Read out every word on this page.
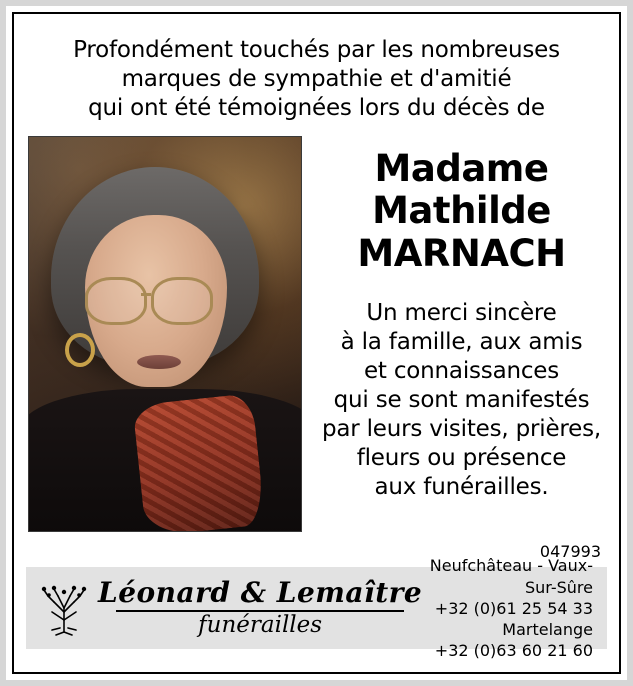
Profondément touchés par les nombreuses
marques de sympathie et d'amitié
qui ont été témoignées lors du décès de
Madame
Mathilde
MARNACH
Un merci sincère
à la famille, aux amis
et connaissances
qui se sont manifestés
par leurs visites, prières,
fleurs ou présence
aux funérailles.
047993
Léonard & Lemaître
funérailles
Neufchâteau - Vaux-Sur-Sûre
+32 (0)61 25 54 33
Martelange
+32 (0)63 60 21 60
